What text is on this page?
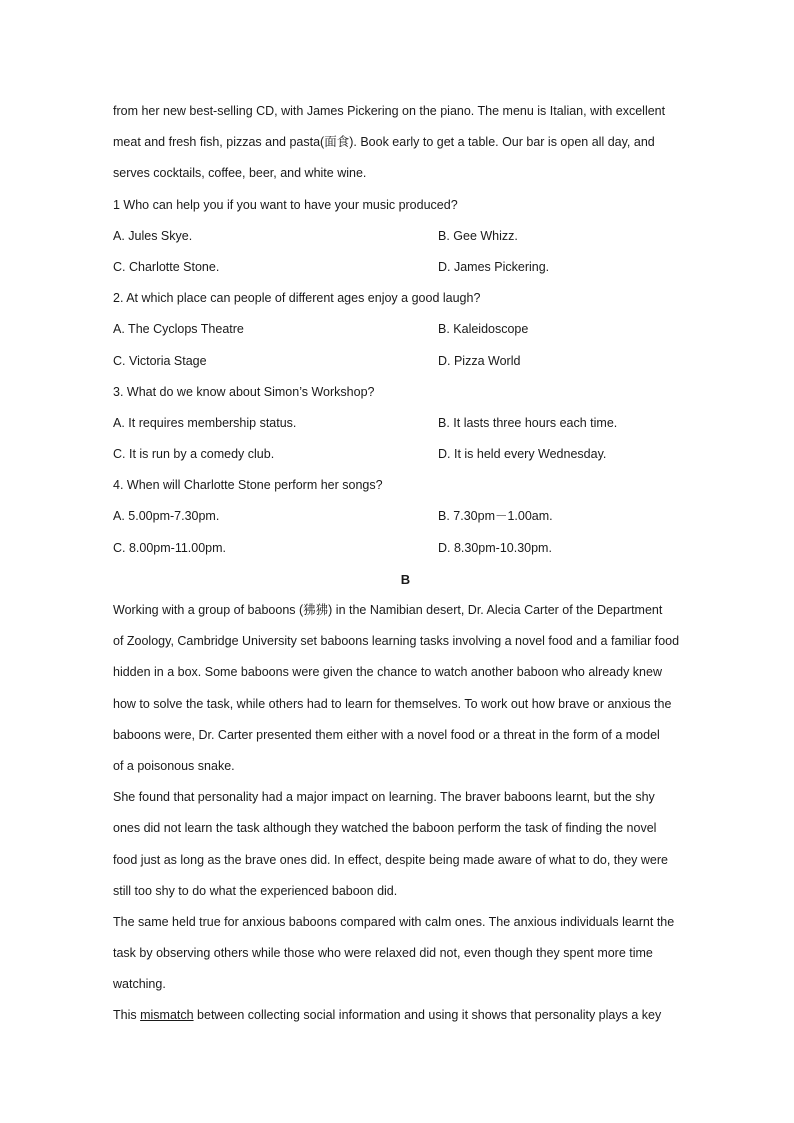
from her new best-selling CD, with James Pickering on the piano. The menu is Italian, with excellent
meat and fresh fish, pizzas and pasta(面食). Book early to get a table. Our bar is open all day, and
serves cocktails, coffee, beer, and white wine.
1 Who can help you if you want to have your music produced?
A. Jules Skye.	B. Gee Whizz.
C. Charlotte Stone.	D. James Pickering.
2. At which place can people of different ages enjoy a good laugh?
A. The Cyclops Theatre	B. Kaleidoscope
C. Victoria Stage	D. Pizza World
3. What do we know about Simon’s Workshop?
A. It requires membership status.	B. It lasts three hours each time.
C. It is run by a comedy club.	D. It is held every Wednesday.
4. When will Charlotte Stone perform her songs?
A. 5.00pm-7.30pm.	B. 7.30pm－1.00am.
C. 8.00pm-11.00pm.	D. 8.30pm-10.30pm.
B
Working with a group of baboons (狒狒) in the Namibian desert, Dr. Alecia Carter of the Department
of Zoology, Cambridge University set baboons learning tasks involving a novel food and a familiar food
hidden in a box. Some baboons were given the chance to watch another baboon who already knew
how to solve the task, while others had to learn for themselves. To work out how brave or anxious the
baboons were, Dr. Carter presented them either with a novel food or a threat in the form of a model
of a poisonous snake.
She found that personality had a major impact on learning. The braver baboons learnt, but the shy
ones did not learn the task although they watched the baboon perform the task of finding the novel
food just as long as the brave ones did. In effect, despite being made aware of what to do, they were
still too shy to do what the experienced baboon did.
The same held true for anxious baboons compared with calm ones. The anxious individuals learnt the
task by observing others while those who were relaxed did not, even though they spent more time
watching.
This mismatch between collecting social information and using it shows that personality plays a key
